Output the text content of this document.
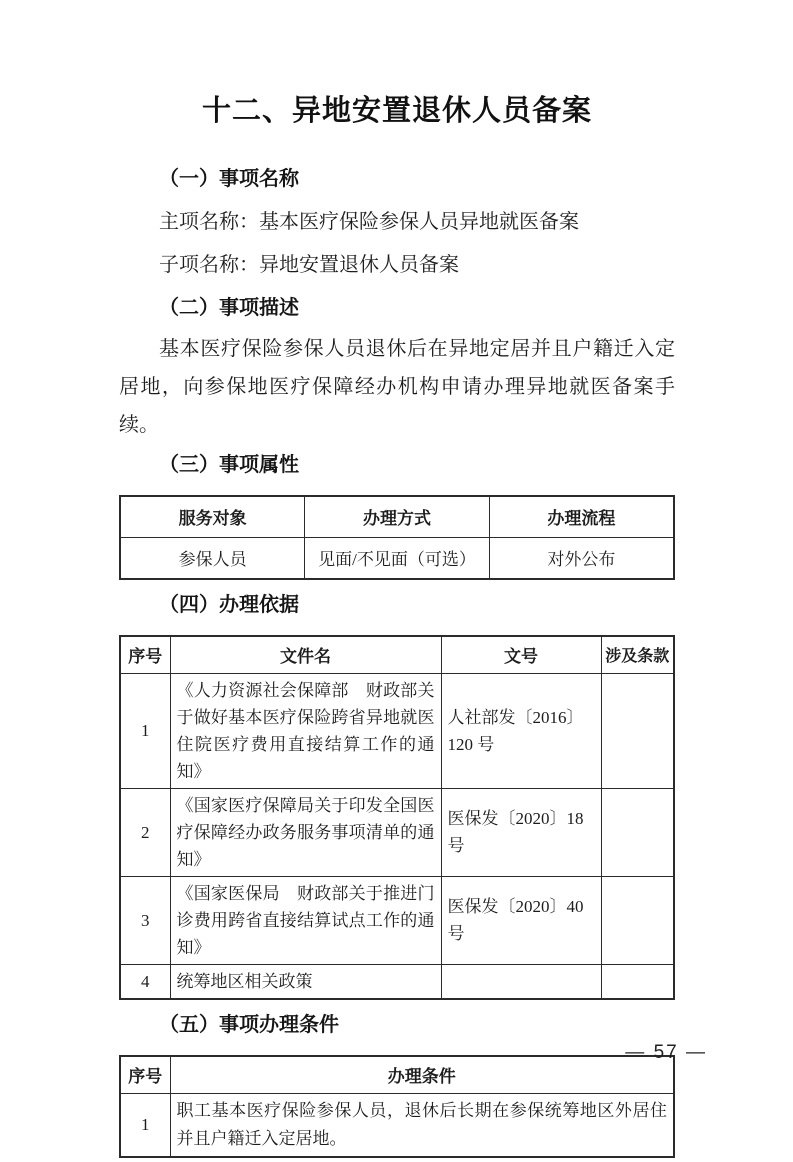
十二、异地安置退休人员备案
（一）事项名称
主项名称：基本医疗保险参保人员异地就医备案
子项名称：异地安置退休人员备案
（二）事项描述
基本医疗保险参保人员退休后在异地定居并且户籍迁入定居地，向参保地医疗保障经办机构申请办理异地就医备案手续。
（三）事项属性
服务对象	办理方式	办理流程
参保人员	见面/不见面（可选）	对外公布
（四）办理依据
序号	文件名	文号	涉及条款
1	《人力资源社会保障部　财政部关于做好基本医疗保险跨省异地就医住院医疗费用直接结算工作的通知》	人社部发〔2016〕120 号	
2	《国家医疗保障局关于印发全国医疗保障经办政务服务事项清单的通知》	医保发〔2020〕18 号	
3	《国家医保局　财政部关于推进门诊费用跨省直接结算试点工作的通知》	医保发〔2020〕40 号	
4	统筹地区相关政策		
（五）事项办理条件
序号	办理条件
1	职工基本医疗保险参保人员，退休后长期在参保统筹地区外居住并且户籍迁入定居地。
— 57 —
